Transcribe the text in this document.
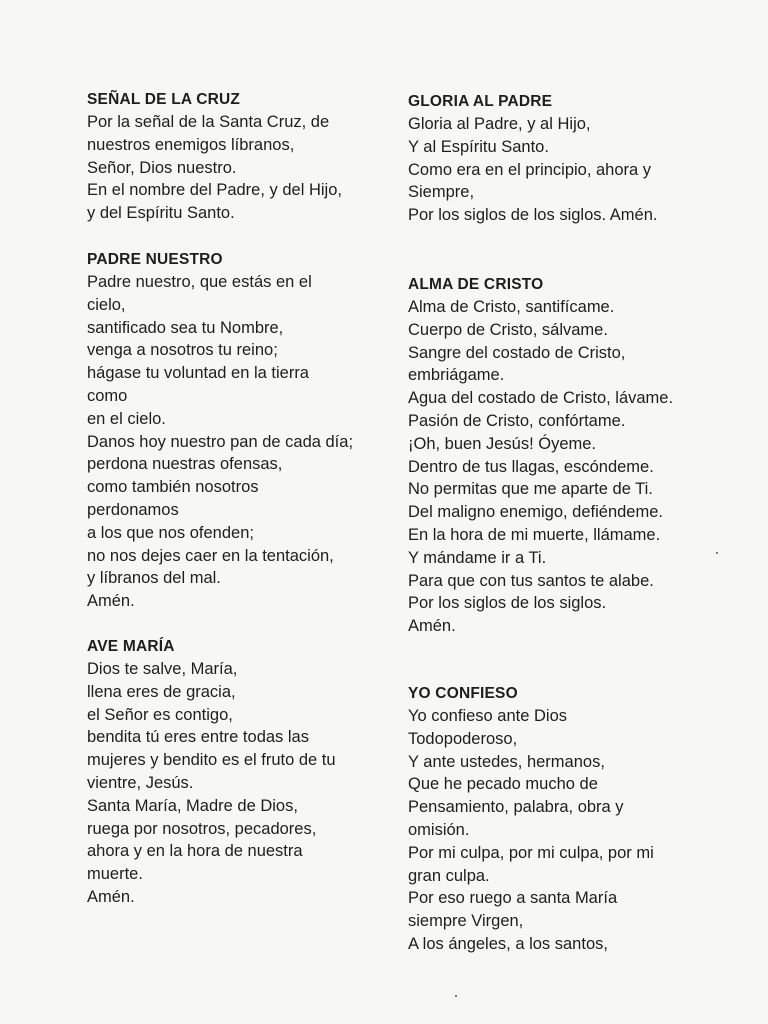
SEÑAL DE LA CRUZ
Por la señal de la Santa Cruz, de
nuestros enemigos líbranos,
Señor, Dios nuestro.
En el nombre del Padre, y del Hijo,
y del Espíritu Santo.
PADRE NUESTRO
Padre nuestro, que estás en el
cielo,
santificado sea tu Nombre,
venga a nosotros tu reino;
hágase tu voluntad en la tierra
como
en el cielo.
Danos hoy nuestro pan de cada día;
perdona nuestras ofensas,
como también nosotros
perdonamos
a los que nos ofenden;
no nos dejes caer en la tentación,
y líbranos del mal.
Amén.
AVE MARÍA
Dios te salve, María,
llena eres de gracia,
el Señor es contigo,
bendita tú eres entre todas las
mujeres y bendito es el fruto de tu
vientre, Jesús.
Santa María, Madre de Dios,
ruega por nosotros, pecadores,
ahora y en la hora de nuestra
muerte.
Amén.
GLORIA AL PADRE
Gloria al Padre, y al Hijo,
Y al Espíritu Santo.
Como era en el principio, ahora y
Siempre,
Por los siglos de los siglos. Amén.
ALMA DE CRISTO
Alma de Cristo, santifícame.
Cuerpo de Cristo, sálvame.
Sangre del costado de Cristo,
embriágame.
Agua del costado de Cristo, lávame.
Pasión de Cristo, confórtame.
¡Oh, buen Jesús! Óyeme.
Dentro de tus llagas, escóndeme.
No permitas que me aparte de Ti.
Del maligno enemigo, defiéndeme.
En la hora de mi muerte, llámame.
Y mándame ir a Ti.
Para que con tus santos te alabe.
Por los siglos de los siglos.
Amén.
YO CONFIESO
Yo confieso ante Dios
Todopoderoso,
Y ante ustedes, hermanos,
Que he pecado mucho de
Pensamiento, palabra, obra y
omisión.
Por mi culpa, por mi culpa, por mi
gran culpa.
Por eso ruego a santa María
siempre Virgen,
A los ángeles, a los santos,
